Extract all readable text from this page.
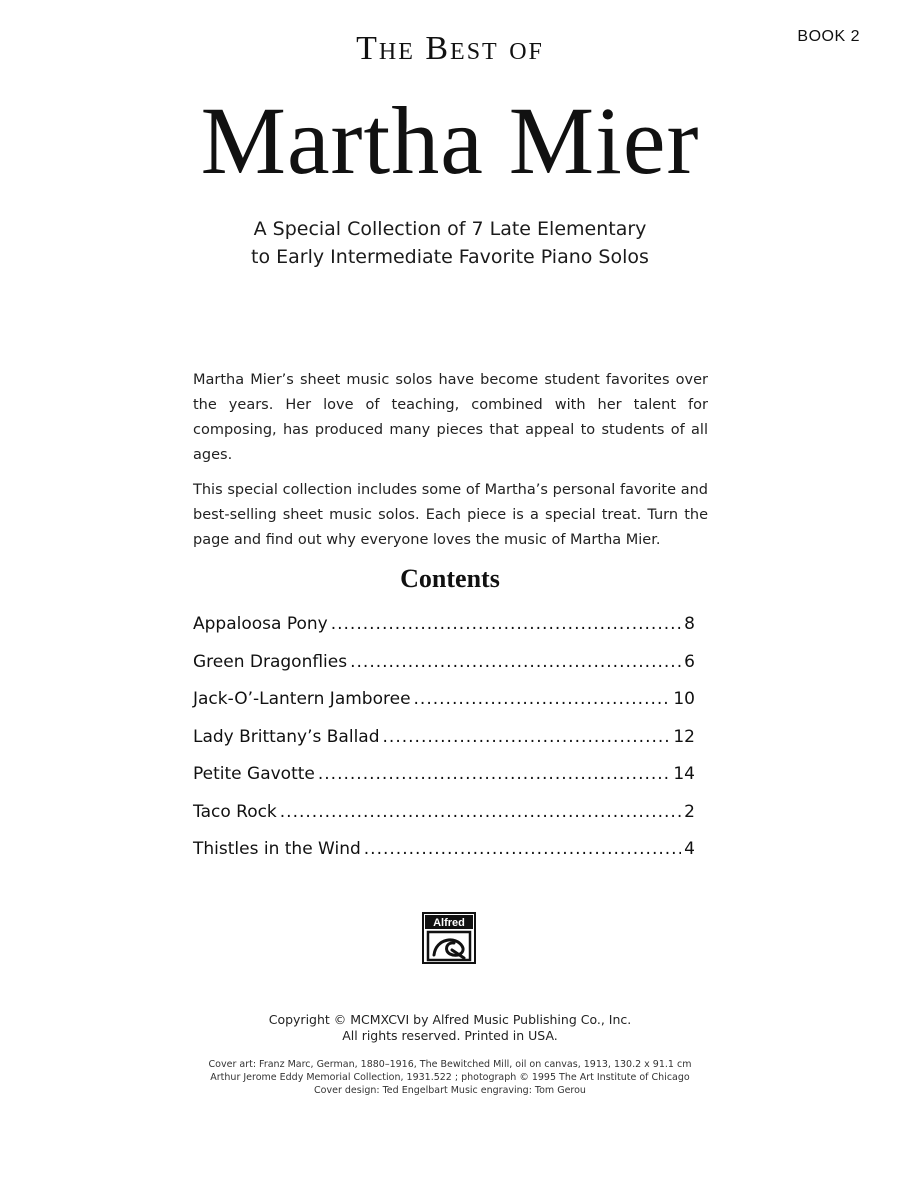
BOOK 2
The Best of
Martha Mier
A Special Collection of 7 Late Elementary
to Early Intermediate Favorite Piano Solos

Martha Mier’s sheet music solos have become student favorites over the years. Her love of teaching, combined with her talent for composing, has produced many pieces that appeal to students of all ages.

This special collection includes some of Martha’s personal favorite and best-selling sheet music solos. Each piece is a special treat. Turn the page and find out why everyone loves the music of Martha Mier.

Contents
Appaloosa Pony .....	8
Green Dragonflies .....	6
Jack-O’-Lantern Jamboree .....	10
Lady Brittany’s Ballad .....	12
Petite Gavotte .....	14
Taco Rock .....	2
Thistles in the Wind .....	4
Alfred
Copyright © MCMXCVI by Alfred Music Publishing Co., Inc.
All rights reserved. Printed in USA.
Cover art: Franz Marc, German, 1880–1916, The Bewitched Mill, oil on canvas, 1913, 130.2 x 91.1 cm
Arthur Jerome Eddy Memorial Collection, 1931.522 ; photograph © 1995 The Art Institute of Chicago
Cover design: Ted Engelbart Music engraving: Tom Gerou
